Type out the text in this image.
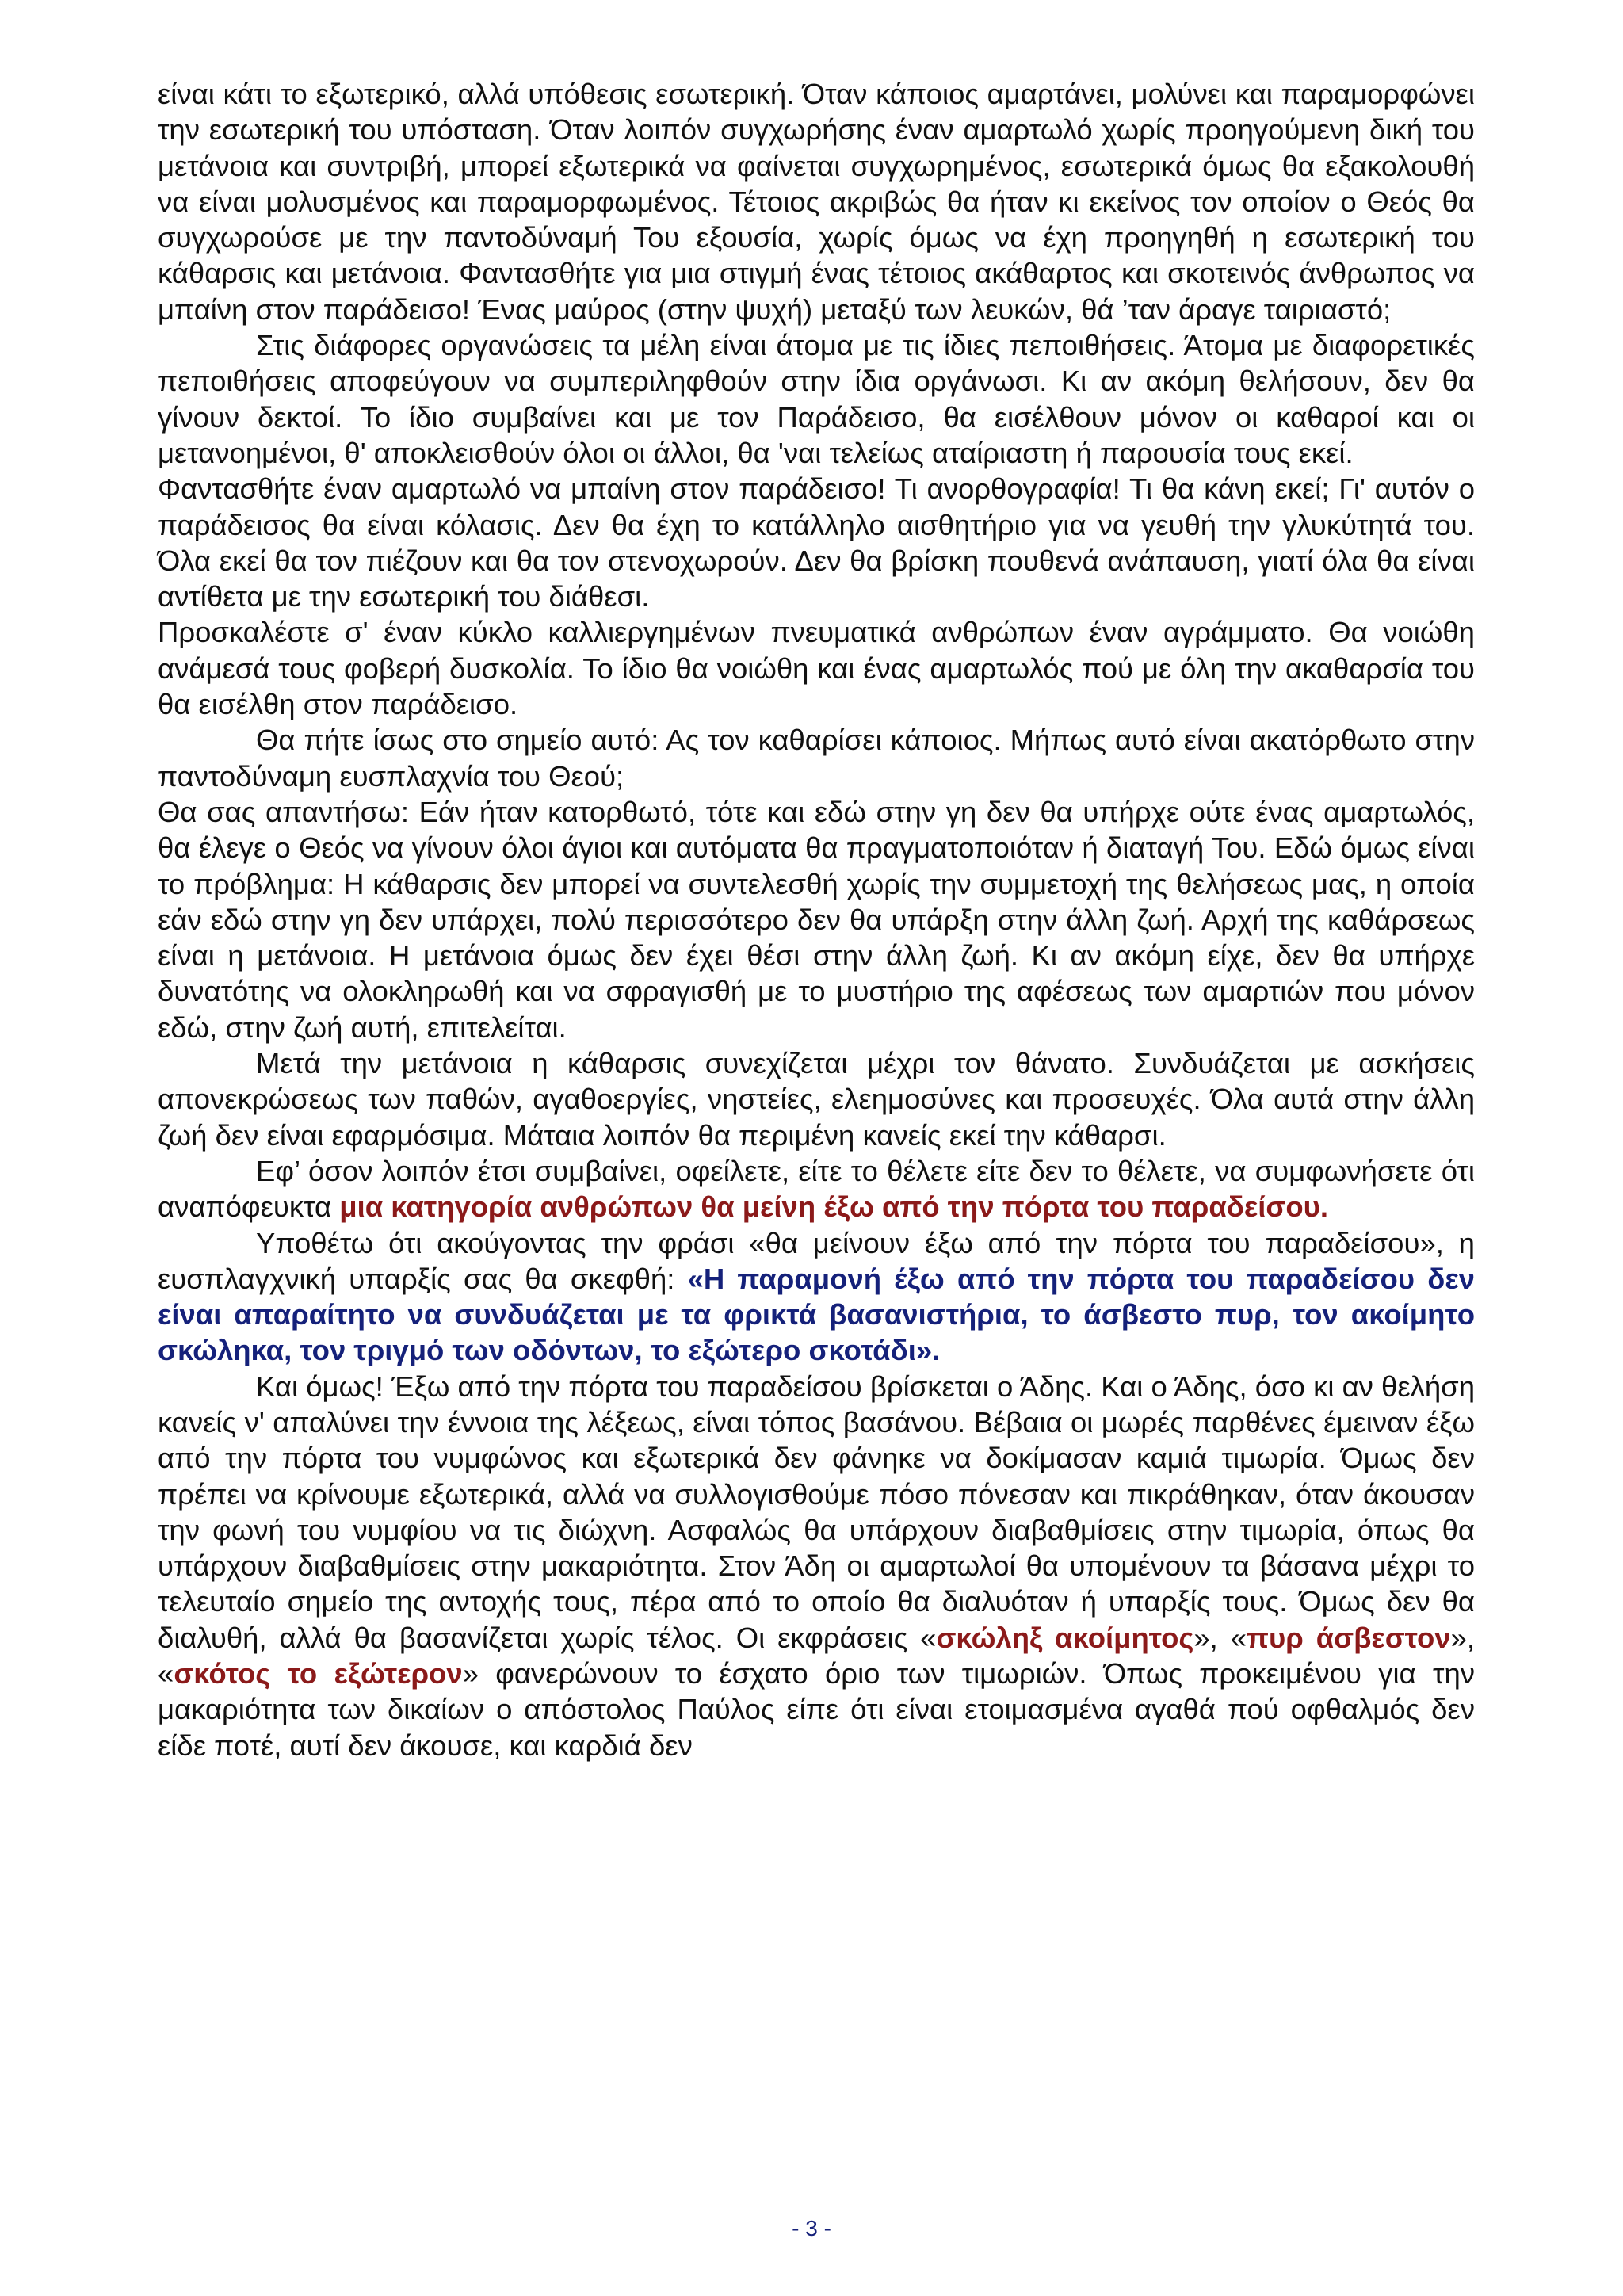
είναι κάτι το εξωτερικό, αλλά υπόθεσις εσωτερική. Όταν κάποιος αμαρτάνει, μολύνει και παραμορφώνει την εσωτερική του υπόσταση. Όταν λοιπόν συγχωρήσης έναν αμαρτωλό χωρίς προηγούμενη δική του μετάνοια και συντριβή, μπορεί εξωτερικά να φαίνεται συγχωρημένος, εσωτερικά όμως θα εξακολουθή να είναι μολυσμένος και παραμορφωμένος. Τέτοιος ακριβώς θα ήταν κι εκείνος τον οποίον ο Θεός θα συγχωρούσε με την παντοδύναμή Του εξουσία, χωρίς όμως να έχη προηγηθή η εσωτερική του κάθαρσις και μετάνοια. Φαντασθήτε για μια στιγμή ένας τέτοιος ακάθαρτος και σκοτεινός άνθρωπος να μπαίνη στον παράδεισο! Ένας μαύρος (στην ψυχή) μεταξύ των λευκών, θά ’ταν άραγε ταιριαστό;

Στις διάφορες οργανώσεις τα μέλη είναι άτομα με τις ίδιες πεποιθήσεις. Άτομα με διαφορετικές πεποιθήσεις αποφεύγουν να συμπεριληφθούν στην ίδια οργάνωσι. Κι αν ακόμη θελήσουν, δεν θα γίνουν δεκτοί. Το ίδιο συμβαίνει και με τον Παράδεισο, θα εισέλθουν μόνον οι καθαροί και οι μετανοημένοι, θ' αποκλεισθούν όλοι οι άλλοι, θα 'ναι τελείως αταίριαστη ή παρουσία τους εκεί.

Φαντασθήτε έναν αμαρτωλό να μπαίνη στον παράδεισο! Τι ανορθογραφία! Τι θα κάνη εκεί; Γι' αυτόν ο παράδεισος θα είναι κόλασις. Δεν θα έχη το κατάλληλο αισθητήριο για να γευθή την γλυκύτητά του. Όλα εκεί θα τον πιέζουν και θα τον στενοχωρούν. Δεν θα βρίσκη πουθενά ανάπαυση, γιατί όλα θα είναι αντίθετα με την εσωτερική του διάθεσι.

Προσκαλέστε σ' έναν κύκλο καλλιεργημένων πνευματικά ανθρώπων έναν αγράμματο. Θα νοιώθη ανάμεσά τους φοβερή δυσκολία. Το ίδιο θα νοιώθη και ένας αμαρτωλός πού με όλη την ακαθαρσία του θα εισέλθη στον παράδεισο.

Θα πήτε ίσως στο σημείο αυτό: Ας τον καθαρίσει κάποιος. Μήπως αυτό είναι ακατόρθωτο στην παντοδύναμη ευσπλαχνία του Θεού;

Θα σας απαντήσω: Εάν ήταν κατορθωτό, τότε και εδώ στην γη δεν θα υπήρχε ούτε ένας αμαρτωλός, θα έλεγε ο Θεός να γίνουν όλοι άγιοι και αυτόματα θα πραγματοποιόταν ή διαταγή Του. Εδώ όμως είναι το πρόβλημα: Η κάθαρσις δεν μπορεί να συντελεσθή χωρίς την συμμετοχή της θελήσεως μας, η οποία εάν εδώ στην γη δεν υπάρχει, πολύ περισσότερο δεν θα υπάρξη στην άλλη ζωή. Αρχή της καθάρσεως είναι η μετάνοια. Η μετάνοια όμως δεν έχει θέσι στην άλλη ζωή. Κι αν ακόμη είχε, δεν θα υπήρχε δυνατότης να ολοκληρωθή και να σφραγισθή με το μυστήριο της αφέσεως των αμαρτιών που μόνον εδώ, στην ζωή αυτή, επιτελείται.

Μετά την μετάνοια η κάθαρσις συνεχίζεται μέχρι τον θάνατο. Συνδυάζεται με ασκήσεις απονεκρώσεως των παθών, αγαθοεργίες, νηστείες, ελεημοσύνες και προσευχές. Όλα αυτά στην άλλη ζωή δεν είναι εφαρμόσιμα. Μάταια λοιπόν θα περιμένη κανείς εκεί την κάθαρσι.

Εφ’ όσον λοιπόν έτσι συμβαίνει, οφείλετε, είτε το θέλετε είτε δεν το θέλετε, να συμφωνήσετε ότι αναπόφευκτα μια κατηγορία ανθρώπων θα μείνη έξω από την πόρτα του παραδείσου.

Υποθέτω ότι ακούγοντας την φράσι «θα μείνουν έξω από την πόρτα του παραδείσου», η ευσπλαγχνική υπαρξίς σας θα σκεφθή: «Η παραμονή έξω από την πόρτα του παραδείσου δεν είναι απαραίτητο να συνδυάζεται με τα φρικτά βασανιστήρια, το άσβεστο πυρ, τον ακοίμητο σκώληκα, τον τριγμό των οδόντων, το εξώτερο σκοτάδι».

Και όμως! Έξω από την πόρτα του παραδείσου βρίσκεται ο Άδης. Και ο Άδης, όσο κι αν θελήση κανείς ν' απαλύνει την έννοια της λέξεως, είναι τόπος βασάνου. Βέβαια οι μωρές παρθένες έμειναν έξω από την πόρτα του νυμφώνος και εξωτερικά δεν φάνηκε να δοκίμασαν καμιά τιμωρία. Όμως δεν πρέπει να κρίνουμε εξωτερικά, αλλά να συλλογισθούμε πόσο πόνεσαν και πικράθηκαν, όταν άκουσαν την φωνή του νυμφίου να τις διώχνη. Ασφαλώς θα υπάρχουν διαβαθμίσεις στην τιμωρία, όπως θα υπάρχουν διαβαθμίσεις στην μακαριότητα. Στον Άδη οι αμαρτωλοί θα υπομένουν τα βάσανα μέχρι το τελευταίο σημείο της αντοχής τους, πέρα από το οποίο θα διαλυόταν ή υπαρξίς τους. Όμως δεν θα διαλυθή, αλλά θα βασανίζεται χωρίς τέλος. Οι εκφράσεις «σκώληξ ακοίμητος», «πυρ άσβεστον», «σκότος το εξώτερον» φανερώνουν το έσχατο όριο των τιμωριών. Όπως προκειμένου για την μακαριότητα των δικαίων ο απόστολος Παύλος είπε ότι είναι ετοιμασμένα αγαθά πού οφθαλμός δεν είδε ποτέ, αυτί δεν άκουσε, και καρδιά δεν

- 3 -
